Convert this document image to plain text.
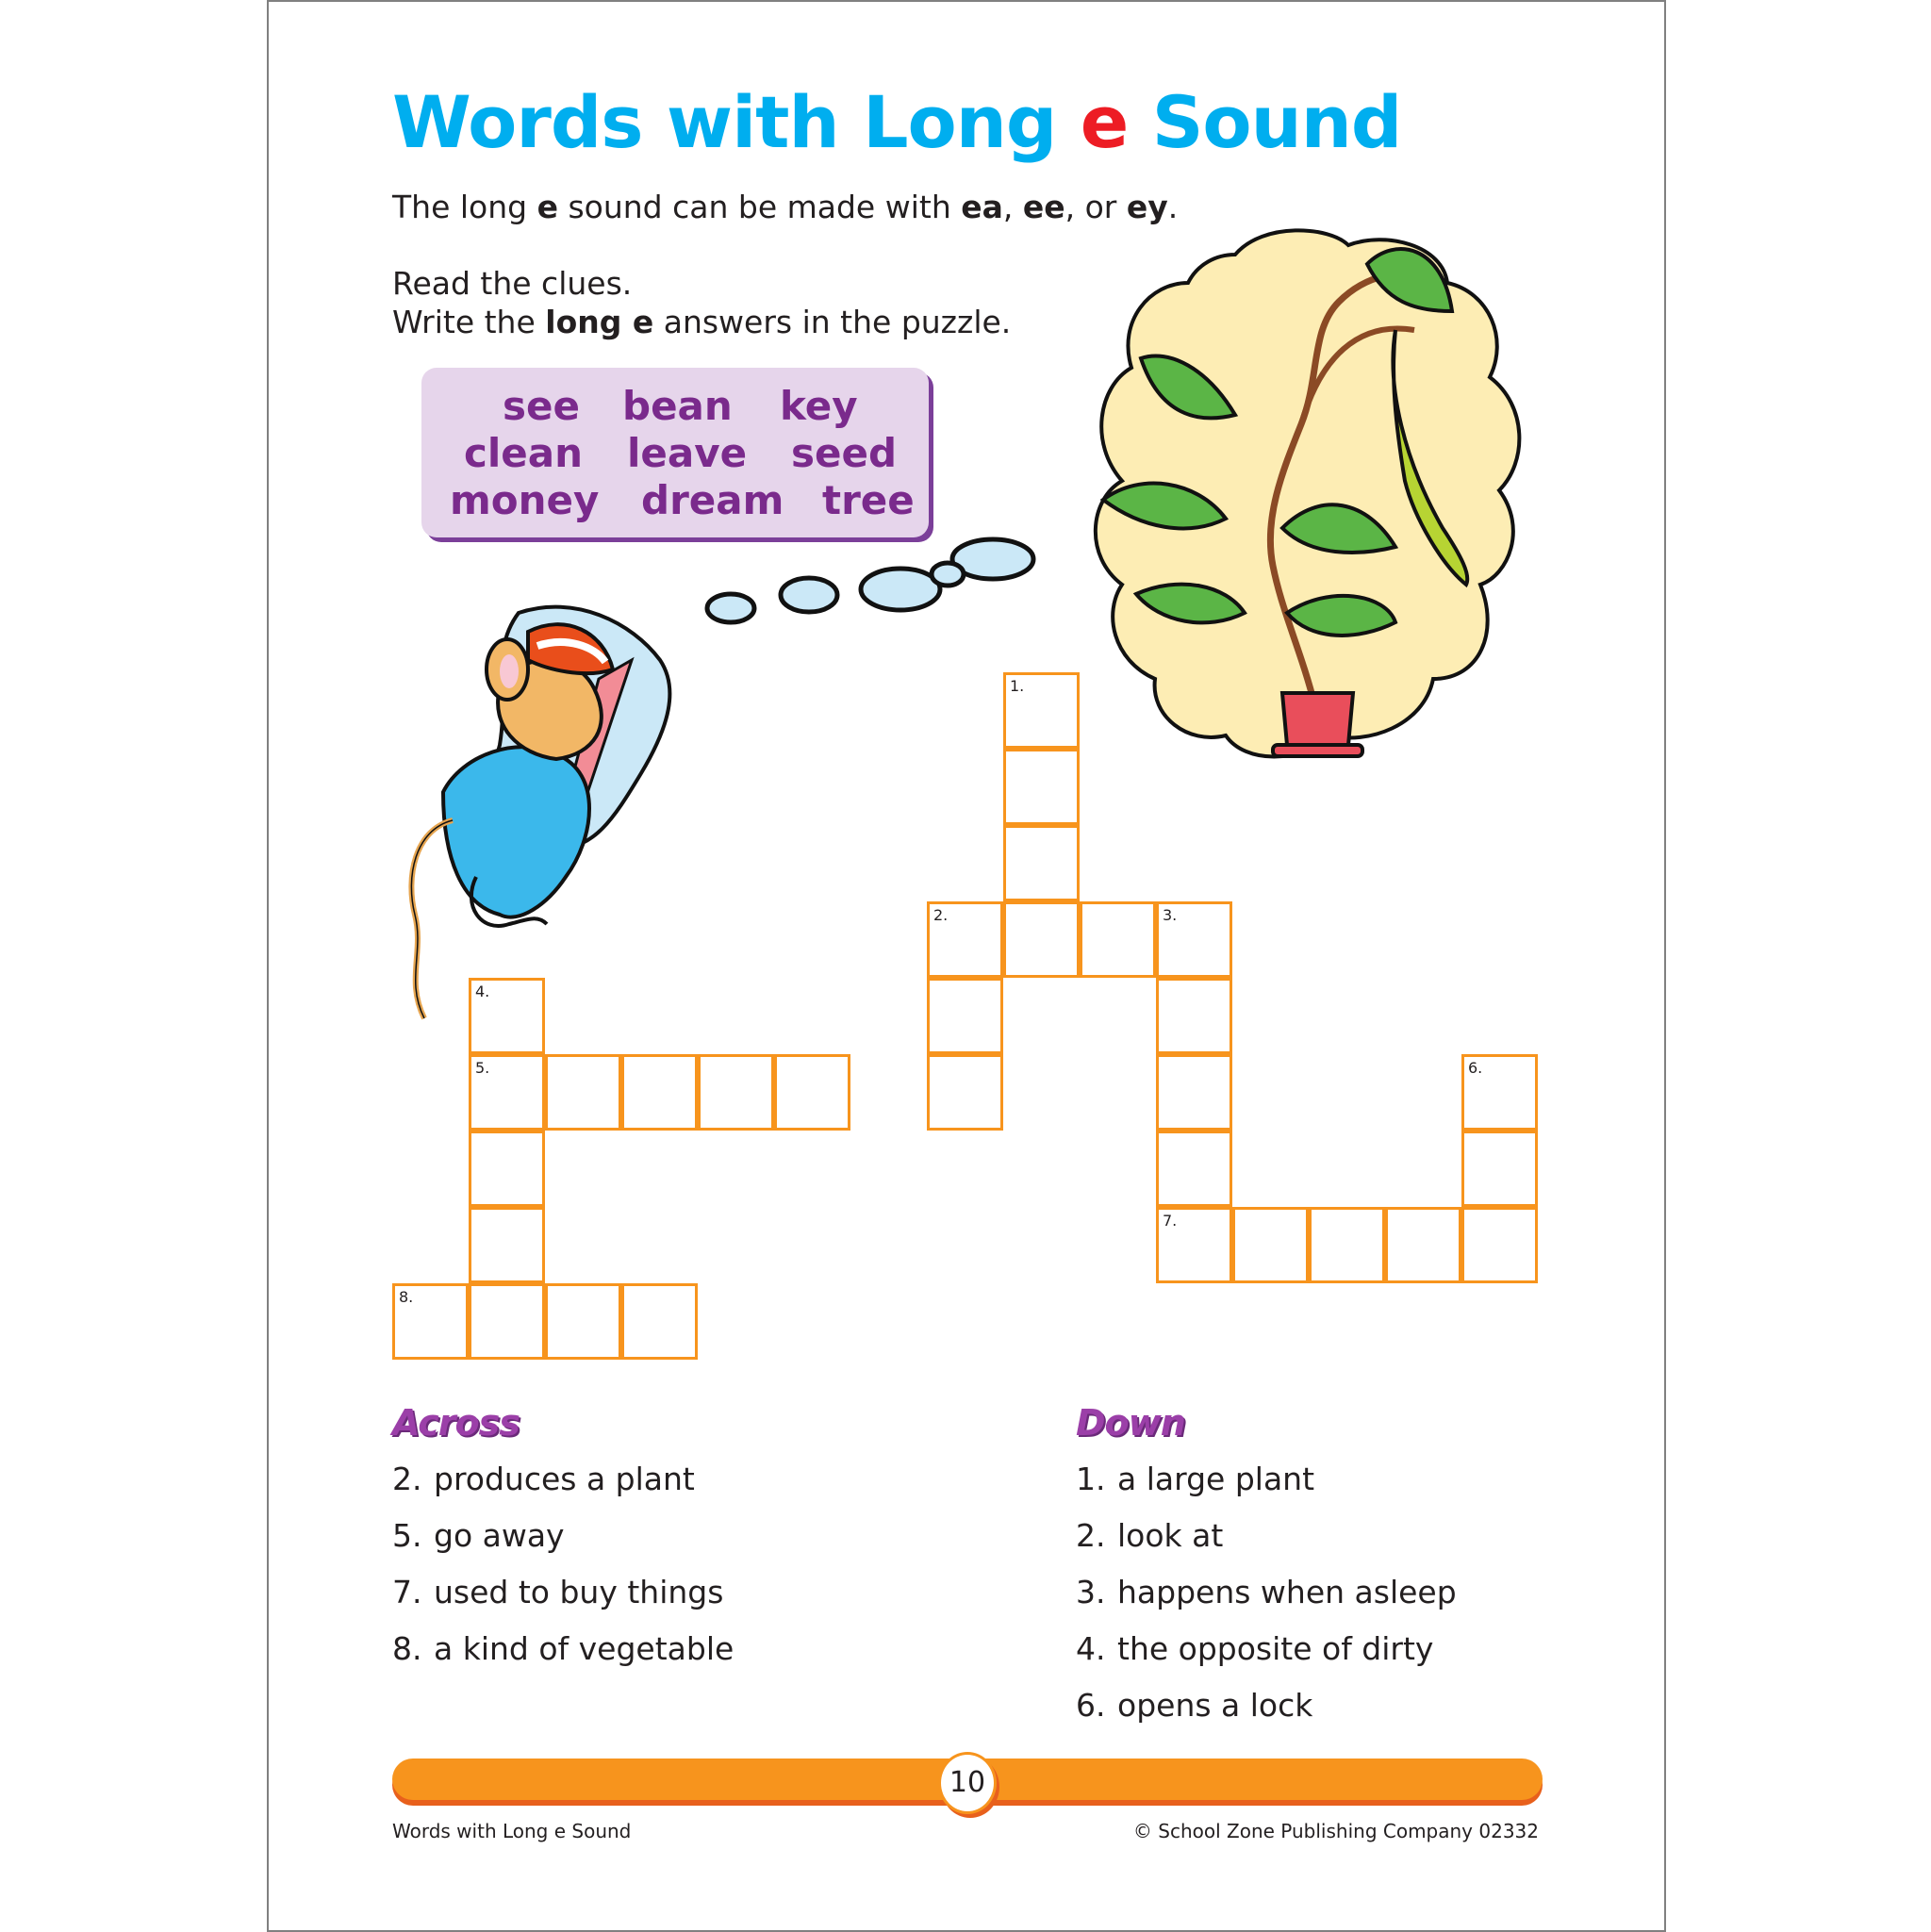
Words with Long e Sound
The long e sound can be made with ea, ee, or ey.
Read the clues.
Write the long e answers in the puzzle.
see bean key
clean leave seed
money dream tree
1.
2.	3.
7.
4.
5.	6.
8.
Across	Down
2. produces a plant
5. go away
7. used to buy things
8. a kind of vegetable
1. a large plant
2. look at
3. happens when asleep
4. the opposite of dirty
6. opens a lock
10
Words with Long e Sound	© School Zone Publishing Company 02332
